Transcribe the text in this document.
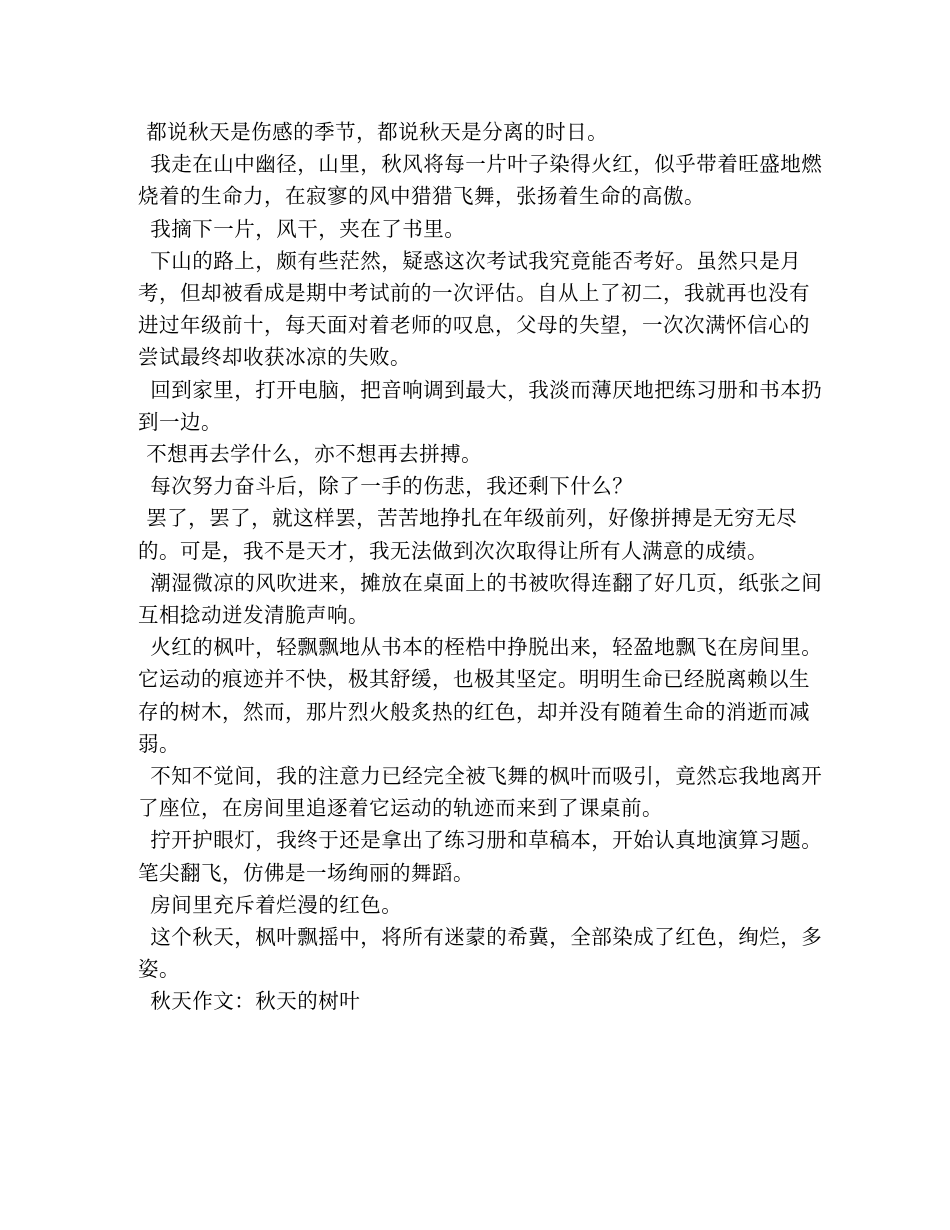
都说秋天是伤感的季节，都说秋天是分离的时日。

我走在山中幽径，山里，秋风将每一片叶子染得火红，似乎带着旺盛地燃烧着的生命力，在寂寥的风中猎猎飞舞，张扬着生命的高傲。

我摘下一片，风干，夹在了书里。

下山的路上，颇有些茫然，疑惑这次考试我究竟能否考好。虽然只是月考，但却被看成是期中考试前的一次评估。自从上了初二，我就再也没有进过年级前十，每天面对着老师的叹息，父母的失望，一次次满怀信心的尝试最终却收获冰凉的失败。

回到家里，打开电脑，把音响调到最大，我淡而薄厌地把练习册和书本扔到一边。

不想再去学什么，亦不想再去拼搏。

每次努力奋斗后，除了一手的伤悲，我还剩下什么？

罢了，罢了，就这样罢，苦苦地挣扎在年级前列，好像拼搏是无穷无尽的。可是，我不是天才，我无法做到次次取得让所有人满意的成绩。

潮湿微凉的风吹进来，摊放在桌面上的书被吹得连翻了好几页，纸张之间互相捻动迸发清脆声响。

火红的枫叶，轻飘飘地从书本的桎梏中挣脱出来，轻盈地飘飞在房间里。它运动的痕迹并不快，极其舒缓，也极其坚定。明明生命已经脱离赖以生存的树木，然而，那片烈火般炙热的红色，却并没有随着生命的消逝而减弱。

不知不觉间，我的注意力已经完全被飞舞的枫叶而吸引，竟然忘我地离开了座位，在房间里追逐着它运动的轨迹而来到了课桌前。

拧开护眼灯，我终于还是拿出了练习册和草稿本，开始认真地演算习题。笔尖翻飞，仿佛是一场绚丽的舞蹈。

房间里充斥着烂漫的红色。

这个秋天，枫叶飘摇中，将所有迷蒙的希冀，全部染成了红色，绚烂，多姿。

秋天作文：秋天的树叶
